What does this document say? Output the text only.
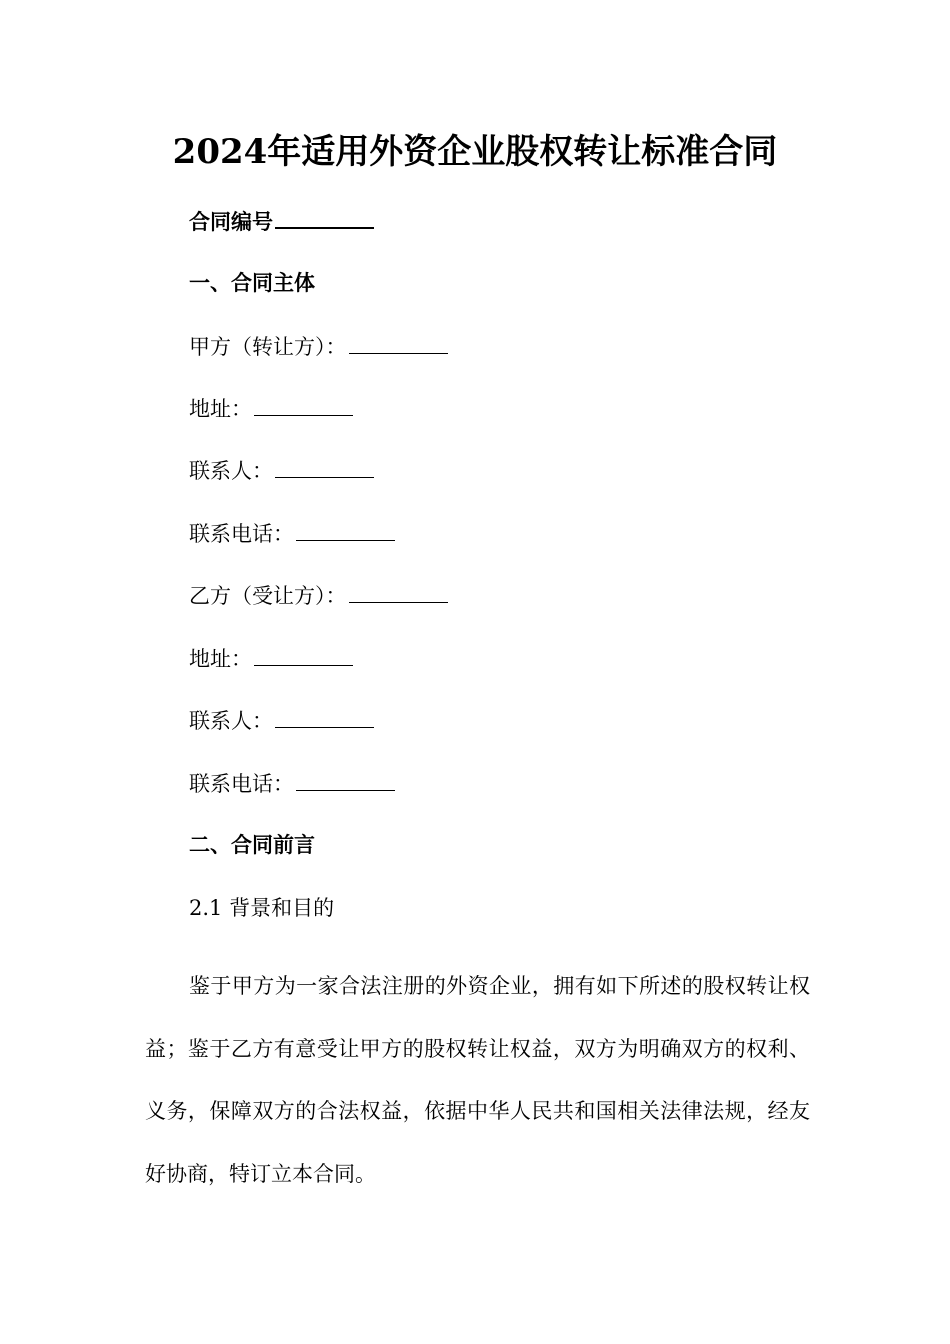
2024年适用外资企业股权转让标准合同
合同编号
一、合同主体
甲方（转让方）：
地址：
联系人：
联系电话：
乙方（受让方）：
地址：
联系人：
联系电话：
二、合同前言
2.1 背景和目的
鉴于甲方为一家合法注册的外资企业，拥有如下所述的股权转让权益；鉴于乙方有意受让甲方的股权转让权益，双方为明确双方的权利、义务，保障双方的合法权益，依据中华人民共和国相关法律法规，经友好协商，特订立本合同。
